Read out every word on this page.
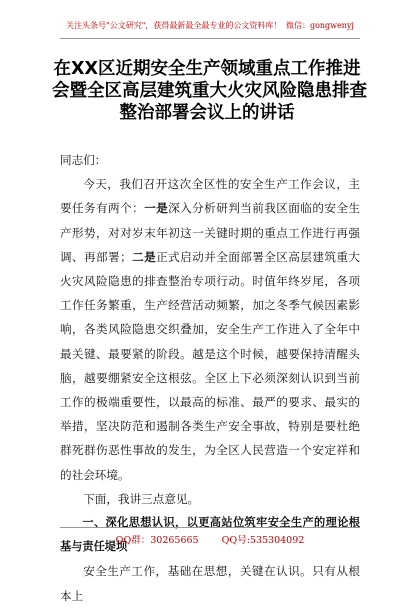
关注头条号"公文研究"，获得最新最全最专业的公文资料库！ 微信：gongwenyj
在XX区近期安全生产领域重点工作推进
会暨全区高层建筑重大火灾风险隐患排查
整治部署会议上的讲话

同志们：

今天，我们召开这次全区性的安全生产工作会议，主要任务有两个：一是深入分析研判当前我区面临的安全生产形势，对对岁末年初这一关键时期的重点工作进行再强调、再部署；二是正式启动并全面部署全区高层建筑重大火灾风险隐患的排查整治专项行动。时值年终岁尾，各项工作任务繁重，生产经营活动频繁，加之冬季气候因素影响，各类风险隐患交织叠加，安全生产工作进入了全年中最关键、最要紧的阶段。越是这个时候，越要保持清醒头脑，越要绷紧安全这根弦。全区上下必须深刻认识到当前工作的极端重要性，以最高的标准、最严的要求、最实的举措，坚决防范和遏制各类生产安全事故，特别是要杜绝群死群伤恶性事故的发生，为全区人民营造一个安定祥和的社会环境。

下面，我讲三点意见。

一、深化思想认识，以更高站位筑牢安全生产的理论根基与责任堤坝

安全生产工作，基础在思想，关键在认识。只有从根本上

QQ群：30265665 QQ号:535304092
